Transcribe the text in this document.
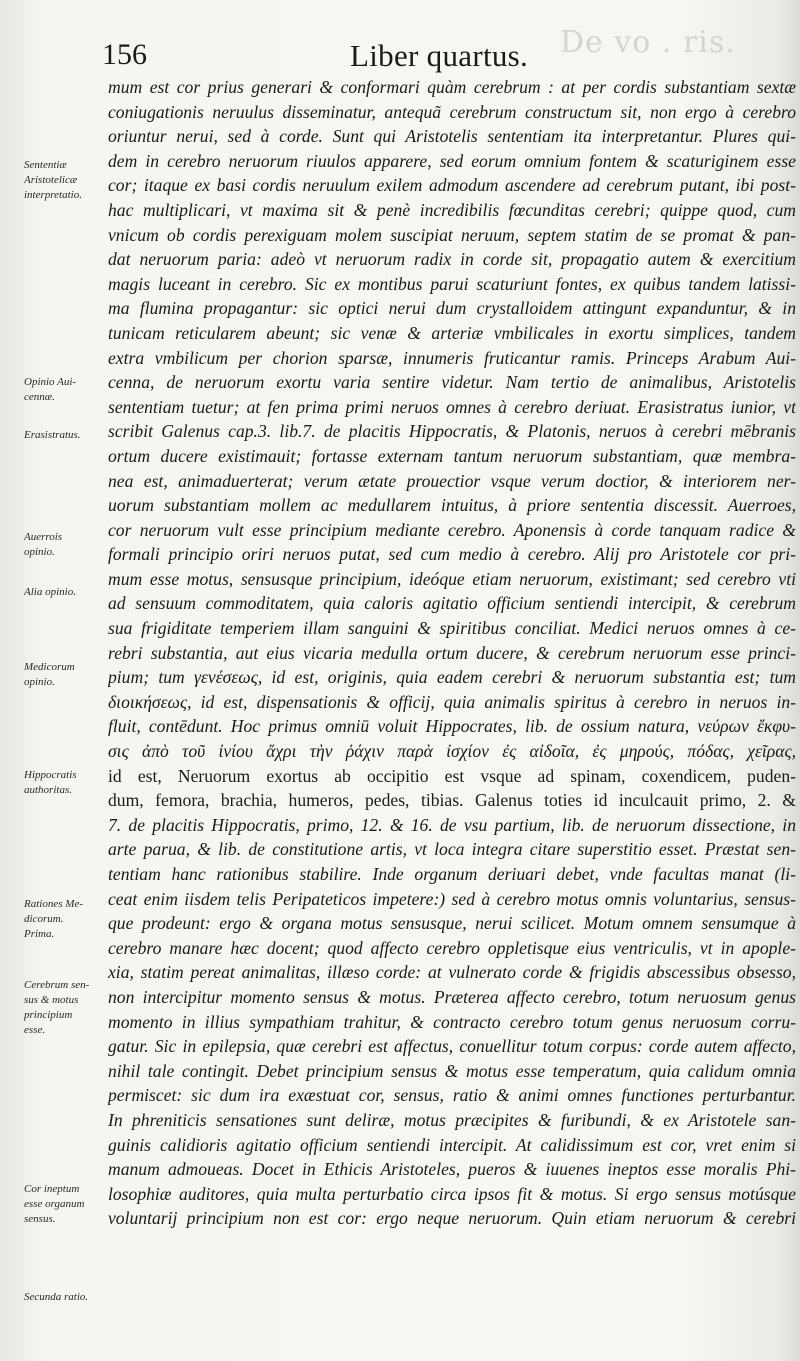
De vo . ris.
156	Liber quartus.
Sententiæ
Aristotelicæ
interpretatio.
Opinio Aui-
cennæ.
Erasistratus.
Auerrois
opinio.
Alia opinio.
Medicorum
opinio.
Hippocratis
authoritas.
Rationes Me-
dicorum.
Prima.
Cerebrum sen-
sus & motus
principium
esse.
Cor ineptum
esse organum
sensus.
Secunda ratio.
mum est cor prius generari & conformari quàm cerebrum : at per cordis substantiam sextæ
coniugationis neruulus disseminatur, antequã cerebrum constructum sit, non ergo à cerebro
oriuntur nerui, sed à corde. Sunt qui Aristotelis sententiam ita interpretantur. Plures qui-
dem in cerebro neruorum riuulos apparere, sed eorum omnium fontem & scaturiginem esse
cor; itaque ex basi cordis neruulum exilem admodum ascendere ad cerebrum putant, ibi post-
hac multiplicari, vt maxima sit & penè incredibilis fœcunditas cerebri; quippe quod, cum
vnicum ob cordis perexiguam molem suscipiat neruum, septem statim de se promat & pan-
dat neruorum paria: adeò vt neruorum radix in corde sit, propagatio autem & exercitium
magis luceant in cerebro. Sic ex montibus parui scaturiunt fontes, ex quibus tandem latissi-
ma flumina propagantur: sic optici nerui dum crystalloidem attingunt expanduntur, & in
tunicam reticularem abeunt; sic venæ & arteriæ vmbilicales in exortu simplices, tandem
extra vmbilicum per chorion sparsæ, innumeris fruticantur ramis. Princeps Arabum Aui-
cenna, de neruorum exortu varia sentire videtur. Nam tertio de animalibus, Aristotelis
sententiam tuetur; at fen prima primi neruos omnes à cerebro deriuat. Erasistratus iunior, vt
scribit Galenus cap.3. lib.7. de placitis Hippocratis, & Platonis, neruos à cerebri mēbranis
ortum ducere existimauit; fortasse externam tantum neruorum substantiam, quæ membra-
nea est, animaduerterat; verum ætate prouectior vsque verum doctior, & interiorem ner-
uorum substantiam mollem ac medullarem intuitus, à priore sententia discessit. Auerroes,
cor neruorum vult esse principium mediante cerebro. Aponensis à corde tanquam radice &
formali principio oriri neruos putat, sed cum medio à cerebro. Alij pro Aristotele cor pri-
mum esse motus, sensusque principium, ideóque etiam neruorum, existimant; sed cerebro vti
ad sensuum commoditatem, quia caloris agitatio officium sentiendi intercipit, & cerebrum
sua frigiditate temperiem illam sanguini & spiritibus conciliat. Medici neruos omnes à ce-
rebri substantia, aut eius vicaria medulla ortum ducere, & cerebrum neruorum esse princi-
pium; tum γενέσεως, id est, originis, quia eadem cerebri & neruorum substantia est; tum
διοικήσεως, id est, dispensationis & officij, quia animalis spiritus à cerebro in neruos in-
fluit, contēdunt. Hoc primus omniū voluit Hippocrates, lib. de ossium natura, νεύρων ἔκφυ-
σις ἀπὸ τοῦ ἰνίου ἄχρι τὴν ῥάχιν παρὰ ἰσχίον ἐς αἰδοῖα, ἐς μηρούς, πόδας, χεῖρας,
id est, Neruorum exortus ab occipitio est vsque ad spinam, coxendicem, puden-
dum, femora, brachia, humeros, pedes, tibias. Galenus toties id inculcauit primo, 2. &
7. de placitis Hippocratis, primo, 12. & 16. de vsu partium, lib. de neruorum dissectione, in
arte parua, & lib. de constitutione artis, vt loca integra citare superstitio esset. Præstat sen-
tentiam hanc rationibus stabilire. Inde organum deriuari debet, vnde facultas manat (li-
ceat enim iisdem telis Peripateticos impetere:) sed à cerebro motus omnis voluntarius, sensus-
que prodeunt: ergo & organa motus sensusque, nerui scilicet. Motum omnem sensumque à
cerebro manare hæc docent; quod affecto cerebro oppletisque eius ventriculis, vt in apople-
xia, statim pereat animalitas, illæso corde: at vulnerato corde & frigidis abscessibus obsesso,
non intercipitur momento sensus & motus. Præterea affecto cerebro, totum neruosum genus
momento in illius sympathiam trahitur, & contracto cerebro totum genus neruosum corru-
gatur. Sic in epilepsia, quæ cerebri est affectus, conuellitur totum corpus: corde autem affecto,
nihil tale contingit. Debet principium sensus & motus esse temperatum, quia calidum omnia
permiscet: sic dum ira exæstuat cor, sensus, ratio & animi omnes functiones perturbantur.
In phreniticis sensationes sunt deliræ, motus præcipites & furibundi, & ex Aristotele san-
guinis calidioris agitatio officium sentiendi intercipit. At calidissimum est cor, vret enim si
manum admoueas. Docet in Ethicis Aristoteles, pueros & iuuenes ineptos esse moralis Phi-
losophiæ auditores, quia multa perturbatio circa ipsos fit & motus. Si ergo sensus motúsque
voluntarij principium non est cor: ergo neque neruorum. Quin etiam neruorum & cerebri
